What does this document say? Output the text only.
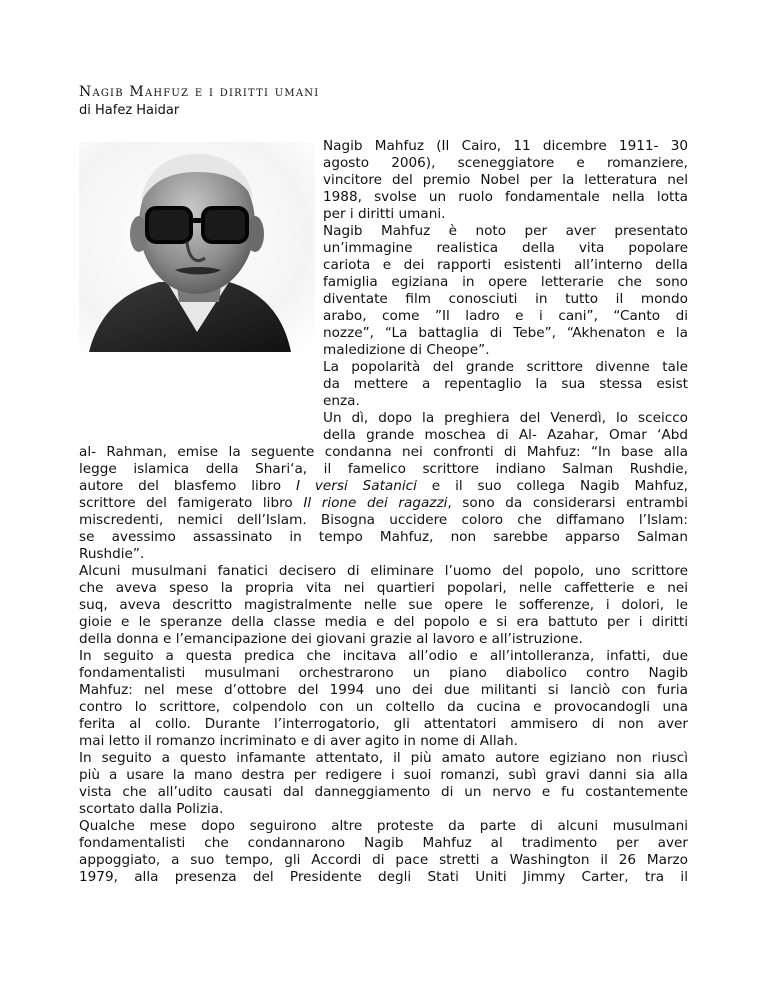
Nagib Mahfuz e i diritti umani
di Hafez Haidar

Nagib Mahfuz (Il Cairo, 11 dicembre 1911- 30

agosto 2006), sceneggiatore e romanziere,

vincitore del premio Nobel per la letteratura nel

1988, svolse un ruolo fondamentale nella lotta

per i diritti umani.

Nagib Mahfuz è noto per aver presentato

un’immagine realistica della vita popolare

cariota e dei rapporti esistenti all’interno della

famiglia egiziana in opere letterarie che sono

diventate film conosciuti in tutto il mondo

arabo, come ”Il ladro e i cani”, “Canto di

nozze”, “La battaglia di Tebe”, “Akhenaton e la

maledizione di Cheope”.

La popolarità del grande scrittore divenne tale

da mettere a repentaglio la sua stessa esist

enza.

Un dì, dopo la preghiera del Venerdì, lo sceicco

della grande moschea di Al- Azahar, Omar ‘Abd

al- Rahman, emise la seguente condanna nei confronti di Mahfuz: “In base alla

legge islamica della Shari‘a, il famelico scrittore indiano Salman Rushdie,

autore del blasfemo libro I versi Satanici e il suo collega Nagib Mahfuz,

scrittore del famigerato libro Il rione dei ragazzi, sono da considerarsi entrambi

miscredenti, nemici dell’Islam. Bisogna uccidere coloro che diffamano l’Islam:

se avessimo assassinato in tempo Mahfuz, non sarebbe apparso Salman

Rushdie”.

Alcuni musulmani fanatici decisero di eliminare l’uomo del popolo, uno scrittore

che aveva speso la propria vita nei quartieri popolari, nelle caffetterie e nei

suq, aveva descritto magistralmente nelle sue opere le sofferenze, i dolori, le

gioie e le speranze della classe media e del popolo e si era battuto per i diritti

della donna e l’emancipazione dei giovani grazie al lavoro e all’istruzione.

In seguito a questa predica che incitava all’odio e all’intolleranza, infatti, due

fondamentalisti musulmani orchestrarono un piano diabolico contro Nagib

Mahfuz: nel mese d’ottobre del 1994 uno dei due militanti si lanciò con furia

contro lo scrittore, colpendolo con un coltello da cucina e provocandogli una

ferita al collo. Durante l’interrogatorio, gli attentatori ammisero di non aver

mai letto il romanzo incriminato e di aver agito in nome di Allah.

In seguito a questo infamante attentato, il più amato autore egiziano non riuscì

più a usare la mano destra per redigere i suoi romanzi, subì gravi danni sia alla

vista che all’udito causati dal danneggiamento di un nervo e fu costantemente

scortato dalla Polizia.

Qualche mese dopo seguirono altre proteste da parte di alcuni musulmani

fondamentalisti che condannarono Nagib Mahfuz al tradimento per aver

appoggiato, a suo tempo, gli Accordi di pace stretti a Washington il 26 Marzo

1979, alla presenza del Presidente degli Stati Uniti Jimmy Carter, tra il
